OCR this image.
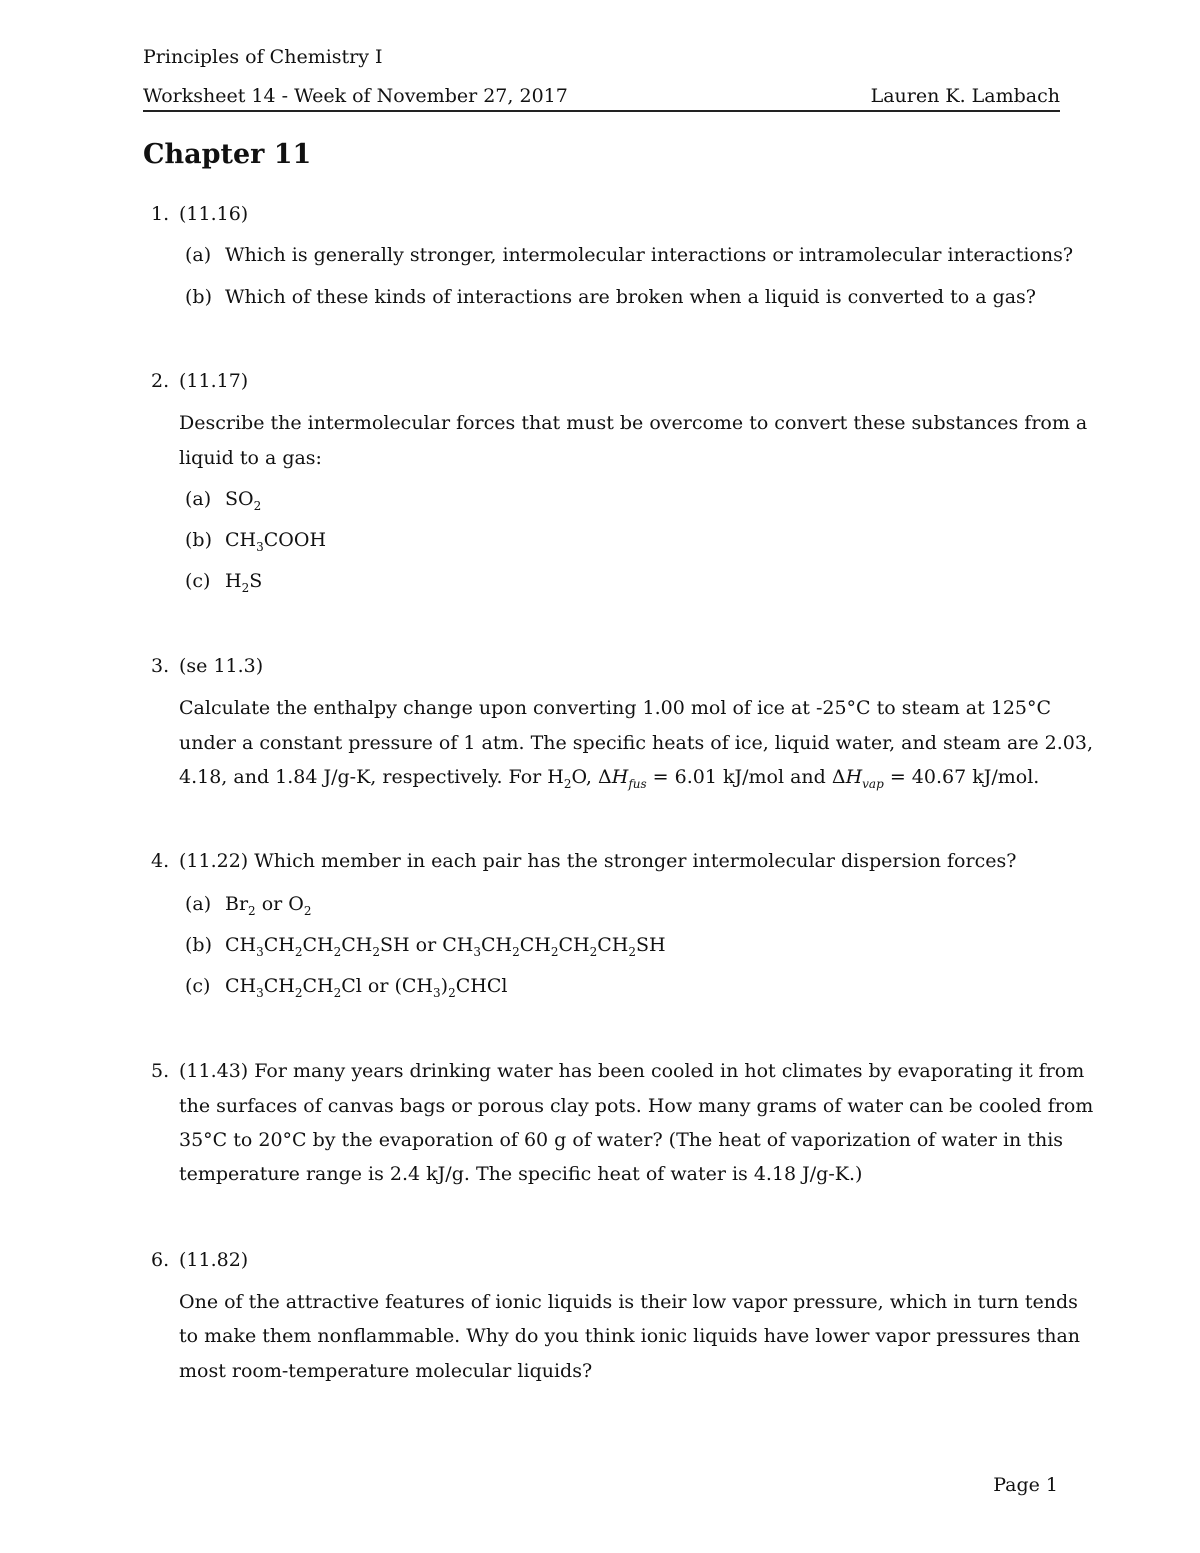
Principles of Chemistry I
Worksheet 14 - Week of November 27, 2017	Lauren K. Lambach
Chapter 11
1. (11.16)
(a) Which is generally stronger, intermolecular interactions or intramolecular interactions?
(b) Which of these kinds of interactions are broken when a liquid is converted to a gas?
2. (11.17)
Describe the intermolecular forces that must be overcome to convert these substances from a
liquid to a gas:
(a) $SO_2$
(b) $CH_3COOH$
(c) $H_2S$
3. (se 11.3)
Calculate the enthalpy change upon converting 1.00 mol of ice at -25°C to steam at 125°C
under a constant pressure of 1 atm. The specific heats of ice, liquid water, and steam are 2.03,
4.18, and 1.84 J/g-K, respectively. For $H_2O$, $\Delta H_{fus} = 6.01$ kJ/mol and $\Delta H_{vap} = 40.67$ kJ/mol.
4. (11.22) Which member in each pair has the stronger intermolecular dispersion forces?
(a) $Br_2$ or $O_2$
(b) $CH_3CH_2CH_2CH_2SH$ or $CH_3CH_2CH_2CH_2CH_2SH$
(c) $CH_3CH_2CH_2Cl$ or $(CH_3)_2CHCl$
5. (11.43) For many years drinking water has been cooled in hot climates by evaporating it from
the surfaces of canvas bags or porous clay pots. How many grams of water can be cooled from
35°C to 20°C by the evaporation of 60 g of water? (The heat of vaporization of water in this
temperature range is 2.4 kJ/g. The specific heat of water is 4.18 J/g-K.)
6. (11.82)
One of the attractive features of ionic liquids is their low vapor pressure, which in turn tends
to make them nonflammable. Why do you think ionic liquids have lower vapor pressures than
most room-temperature molecular liquids?
Page 1
